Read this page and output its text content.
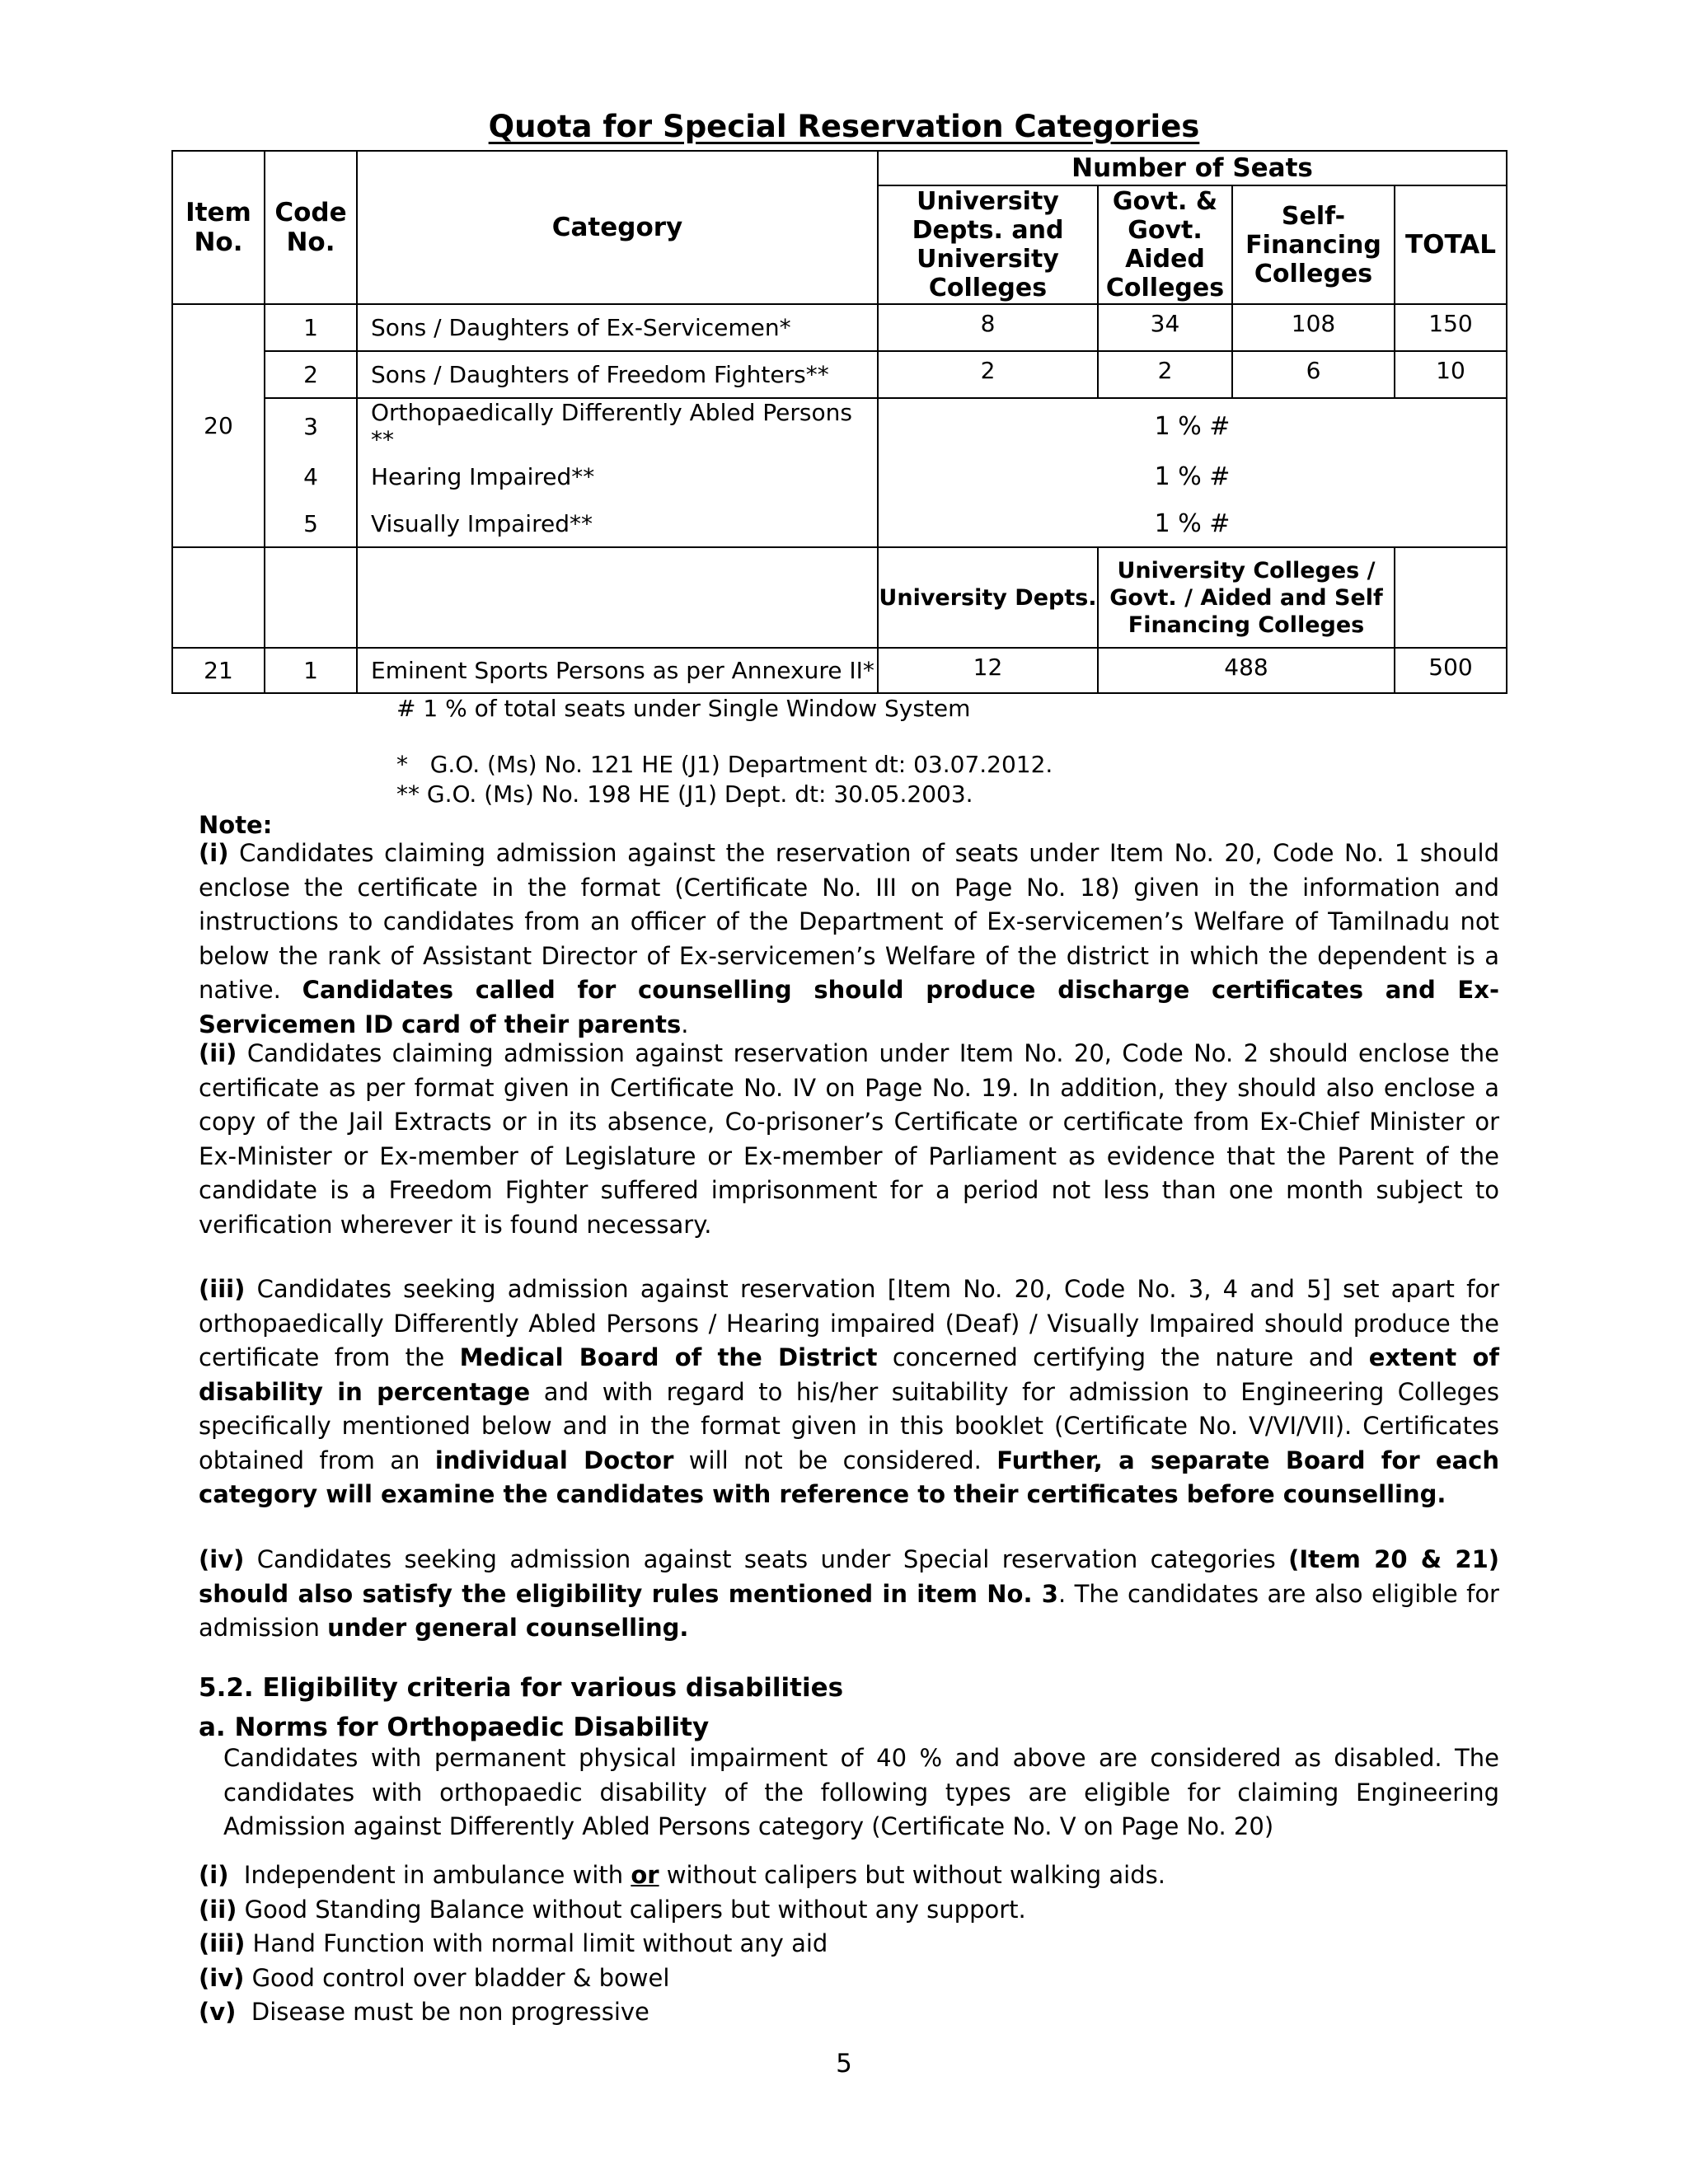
Quota for Special Reservation Categories
Item No.	Code No.	Category	Number of Seats			
			University Depts. and University Colleges	Govt. & Govt. Aided Colleges	Self-Financing Colleges	TOTAL
20	1	Sons / Daughters of Ex-Servicemen*	8	34	108	150
	2	Sons / Daughters of Freedom Fighters**	2	2	6	10
	3	Orthopaedically Differently Abled Persons **	1 % #			
	4	Hearing Impaired**	1 % #			
	5	Visually Impaired**	1 % #			
			University Depts.	University Colleges / Govt. / Aided and Self Financing Colleges		
21	1	Eminent Sports Persons as per Annexure II*	12	488		500
# 1 % of total seats under Single Window System
*   G.O. (Ms) No. 121 HE (J1) Department dt: 03.07.2012.
** G.O. (Ms) No. 198 HE (J1) Dept. dt: 30.05.2003.
Note:
(i) Candidates claiming admission against the reservation of seats under Item No. 20, Code No. 1 should enclose the certificate in the format (Certificate No. III on Page No. 18) given in the information and instructions to candidates from an officer of the Department of Ex-servicemen’s Welfare of Tamilnadu not below the rank of Assistant Director of Ex-servicemen’s Welfare of the district in which the dependent is a native. Candidates called for counselling should produce discharge certificates and Ex-Servicemen ID card of their parents.
(ii) Candidates claiming admission against reservation under Item No. 20, Code No. 2 should enclose the certificate as per format given in Certificate No. IV on Page No. 19. In addition, they should also enclose a copy of the Jail Extracts or in its absence, Co-prisoner’s Certificate or certificate from Ex-Chief Minister or Ex-Minister or Ex-member of Legislature or Ex-member of Parliament as evidence that the Parent of the candidate is a Freedom Fighter suffered imprisonment for a period not less than one month subject to verification wherever it is found necessary.
(iii) Candidates seeking admission against reservation [Item No. 20, Code No. 3, 4 and 5] set apart for orthopaedically Differently Abled Persons / Hearing impaired (Deaf) / Visually Impaired should produce the certificate from the Medical Board of the District concerned certifying the nature and extent of disability in percentage and with regard to his/her suitability for admission to Engineering Colleges specifically mentioned below and in the format given in this booklet (Certificate No. V/VI/VII). Certificates obtained from an individual Doctor will not be considered. Further, a separate Board for each category will examine the candidates with reference to their certificates before counselling.
(iv) Candidates seeking admission against seats under Special reservation categories (Item 20 & 21) should also satisfy the eligibility rules mentioned in item No. 3. The candidates are also eligible for admission under general counselling.
5.2. Eligibility criteria for various disabilities
a. Norms for Orthopaedic Disability
Candidates with permanent physical impairment of 40 % and above are considered as disabled. The candidates with orthopaedic disability of the following types are eligible for claiming Engineering Admission against Differently Abled Persons category (Certificate No. V on Page No. 20)
(i)  Independent in ambulance with or without calipers but without walking aids.
(ii) Good Standing Balance without calipers but without any support.
(iii) Hand Function with normal limit without any aid
(iv) Good control over bladder & bowel
(v)  Disease must be non progressive
5
